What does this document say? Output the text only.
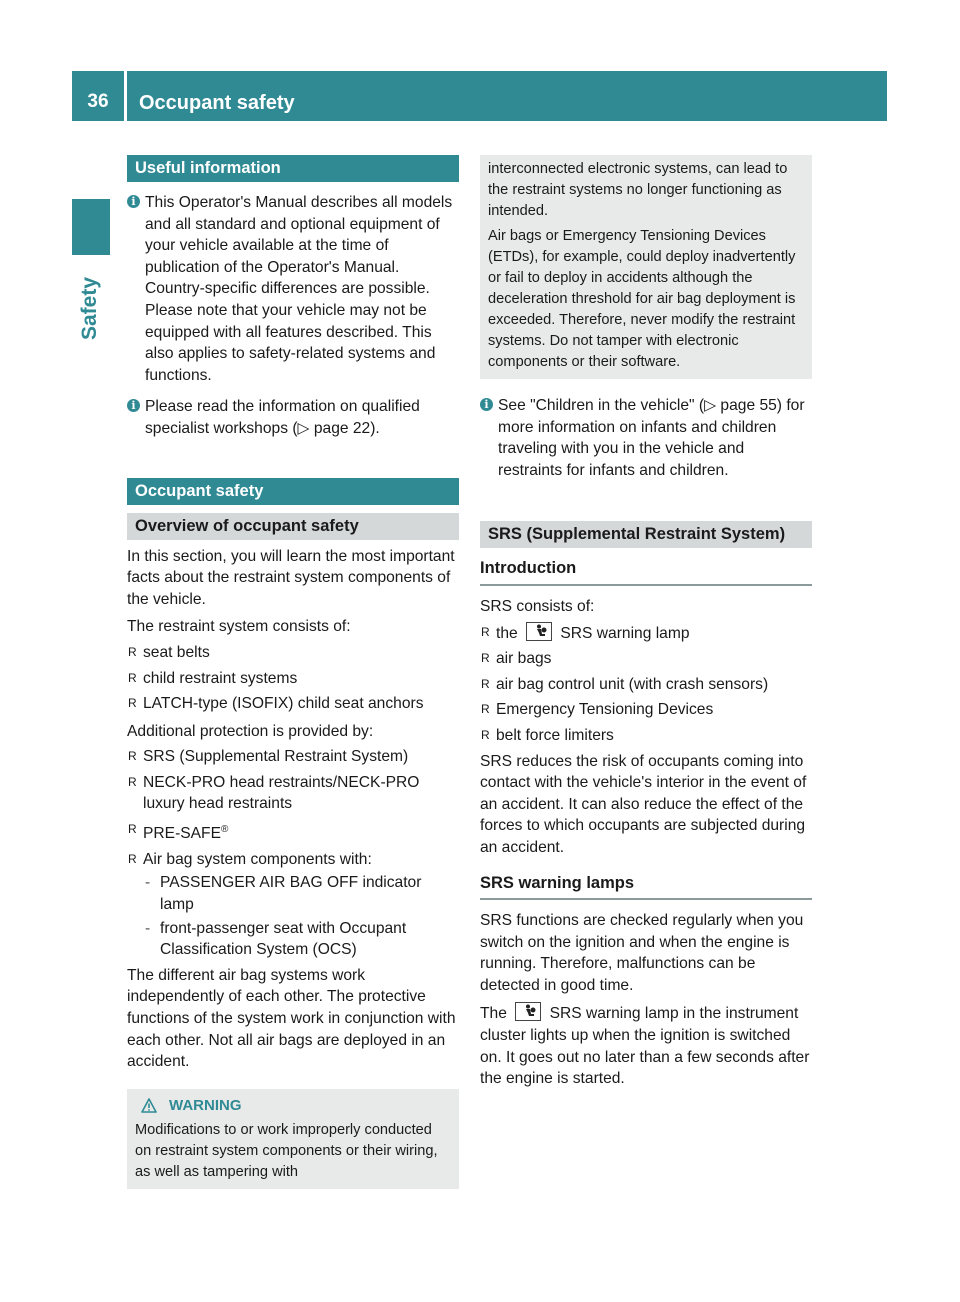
36	Occupant safety
Safety
Useful information
i This Operator's Manual describes all models and all standard and optional equipment of your vehicle available at the time of publication of the Operator's Manual. Country-specific differences are possible. Please note that your vehicle may not be equipped with all features described. This also applies to safety-related systems and functions.
i Please read the information on qualified specialist workshops (▷ page 22).
Occupant safety
Overview of occupant safety

In this section, you will learn the most important facts about the restraint system components of the vehicle.

The restraint system consists of:

R seat belts
R child restraint systems
R LATCH-type (ISOFIX) child seat anchors

Additional protection is provided by:

R SRS (Supplemental Restraint System)
R NECK-PRO head restraints/NECK-PRO luxury head restraints
R PRE-SAFE®
R Air bag system components with:
- PASSENGER AIR BAG OFF indicator lamp
- front-passenger seat with Occupant Classification System (OCS)

The different air bag systems work independently of each other. The protective functions of the system work in conjunction with each other. Not all air bags are deployed in an accident.

WARNING
Modifications to or work improperly conducted on restraint system components or their wiring, as well as tampering with
interconnected electronic systems, can lead to the restraint systems no longer functioning as intended.
Air bags or Emergency Tensioning Devices (ETDs), for example, could deploy inadvertently or fail to deploy in accidents although the deceleration threshold for air bag deployment is exceeded. Therefore, never modify the restraint systems. Do not tamper with electronic components or their software.
i See "Children in the vehicle" (▷ page 55) for more information on infants and children traveling with you in the vehicle and restraints for infants and children.
SRS (Supplemental Restraint System)
Introduction

SRS consists of:

R the	SRS warning lamp
R air bags
R air bag control unit (with crash sensors)
R Emergency Tensioning Devices
R belt force limiters

SRS reduces the risk of occupants coming into contact with the vehicle's interior in the event of an accident. It can also reduce the effect of the forces to which occupants are subjected during an accident.

SRS warning lamps

SRS functions are checked regularly when you switch on the ignition and when the engine is running. Therefore, malfunctions can be detected in good time.

The	SRS warning lamp in the instrument cluster lights up when the ignition is switched on. It goes out no later than a few seconds after the engine is started.
